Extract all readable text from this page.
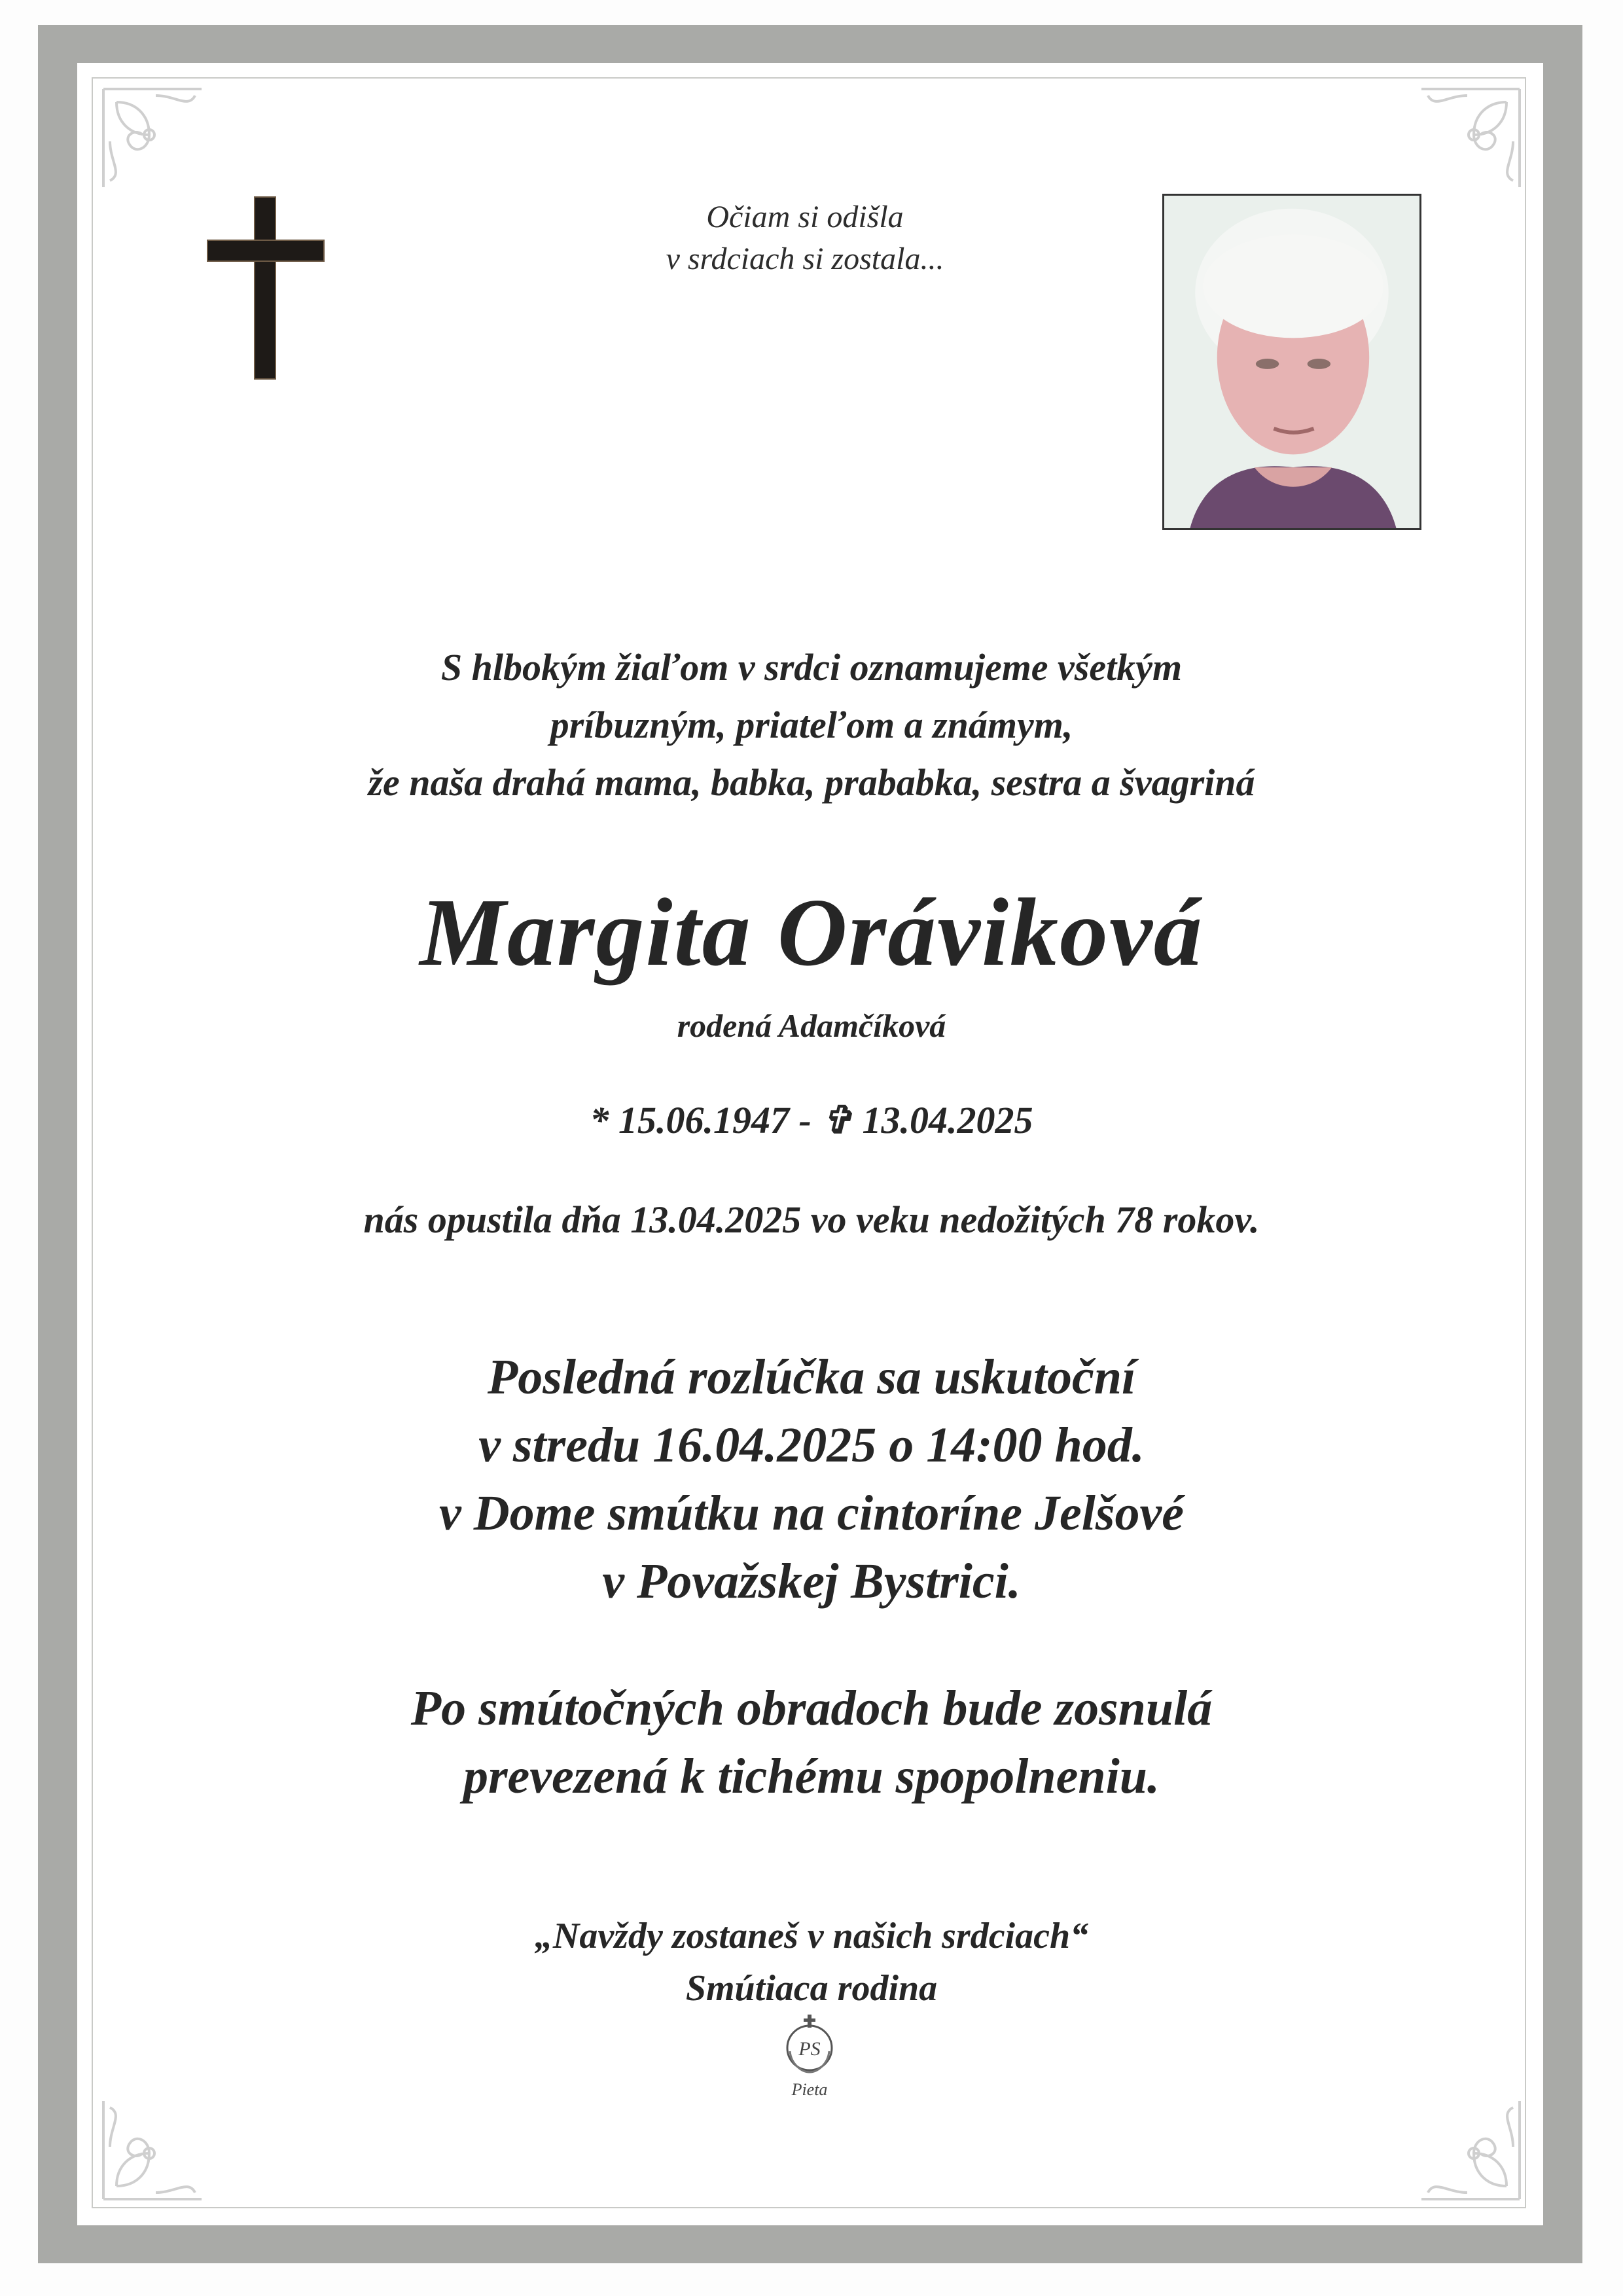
Očiam si odišla
v srdciach si zostala...
S hlbokým žiaľom v srdci oznamujeme všetkým
príbuzným, priateľom a známym,
že naša drahá mama, babka, prababka, sestra a švagriná
Margita Oráviková
rodená Adamčíková
* 15.06.1947 - ✞ 13.04.2025
nás opustila dňa 13.04.2025 vo veku nedožitých 78 rokov.
Posledná rozlúčka sa uskutoční
v stredu 16.04.2025 o 14:00 hod.
v Dome smútku na cintoríne Jelšové
v Považskej Bystrici.
Po smútočných obradoch bude zosnulá
prevezená k tichému spopolneniu.
„Navždy zostaneš v našich srdciach“
Smútiaca rodina
PS
Pieta
